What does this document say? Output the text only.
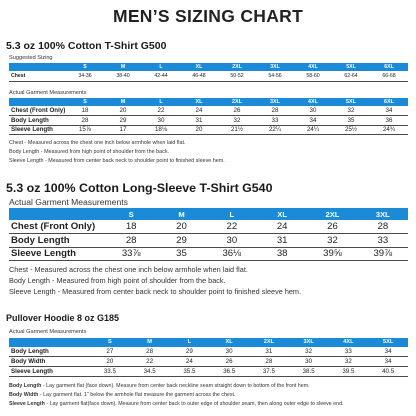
MEN’S SIZING CHART
5.3 oz 100% Cotton T-Shirt G500
Suggested Sizing
	S	M	L	XL	2XL	3XL	4XL	5XL	6XL
Chest	34-36	38-40	42-44	46-48	50-52	54-56	58-60	62-64	66-68
Actual Garment Measurements
	S	M	L	XL	2XL	3XL	4XL	5XL	6XL
Chest (Front Only)	18	20	22	24	26	28	30	32	34
Body Length	28	29	30	31	32	33	34	35	36
Sleeve Length	15⅞	17	18⅛	20	21½	22¼	24¼	25½	24¾
Chest - Measured across the chest one inch below armhole when laid flat.
Body Length - Measured from high point of shoulder from the back.
Sleeve Length - Measured from center back neck to shoulder point to finished sleeve hem.
5.3 oz 100% Cotton Long-Sleeve T-Shirt G540
Actual Garment Measurements
	S	M	L	XL	2XL	3XL
Chest (Front Only)	18	20	22	24	26	28
Body Length	28	29	30	31	32	33
Sleeve Length	33⅞	35	36⅛	38	39⅝	39⅞
Chest - Measured across the chest one inch below armhole when laid flat.
Body Length - Measured from high point of shoulder from the back.
Sleeve Length - Measured from center back neck to shoulder point to finished sleeve hem.
Pullover Hoodie 8 oz G185
Actual Garment Measurements
	S	M	L	XL	2XL	3XL	4XL	5XL
Body Length	27	28	29	30	31	32	33	34
Body Width	20	22	24	26	28	30	32	34
Sleeve Length	33.5	34.5	35.5	36.5	37.5	38.5	39.5	40.5
Body Length - Lay garment flat (face down). Measure from center back neckline seam straight down to bottom of the front hem.
Body Width - Lay garment flat. 1" below the armhole flat measure the garment across the chest.
Sleeve Length - Lay garment flat(face down). Measure from center back to outer edge of shoulder seam, then along outer edge to sleeve end.
